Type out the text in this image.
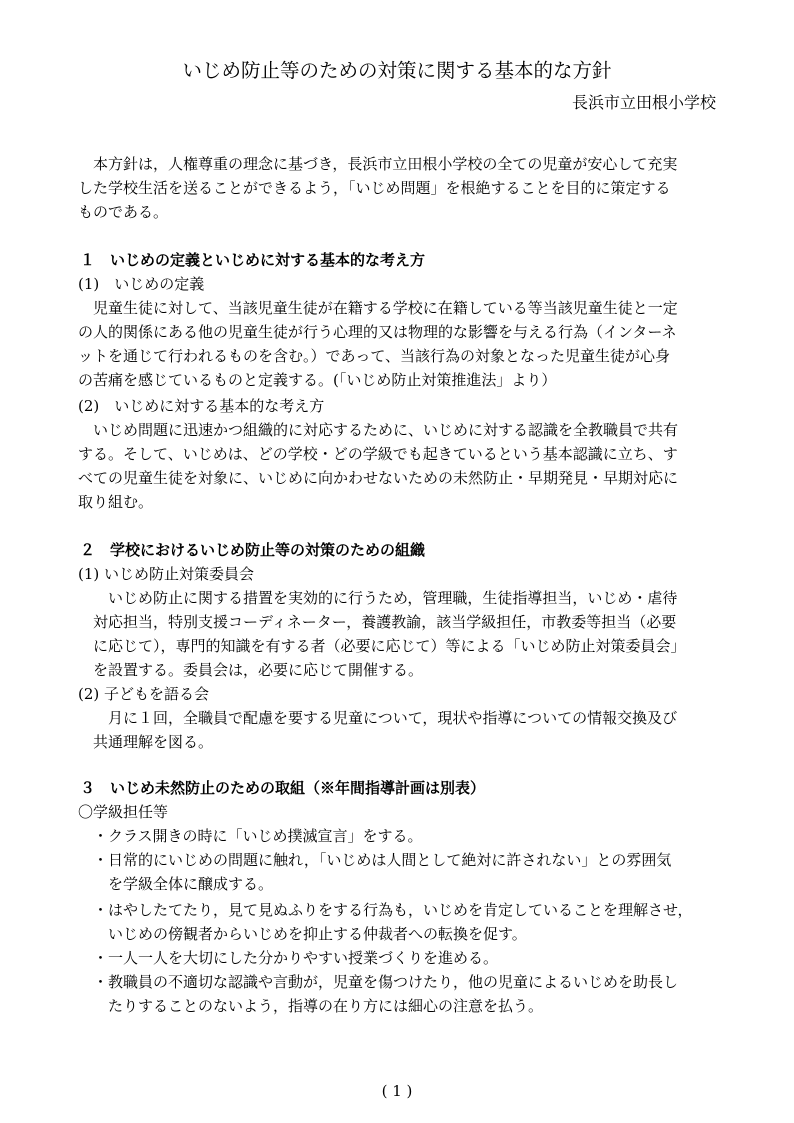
いじめ防止等のための対策に関する基本的な方針
長浜市立田根小学校
本方針は，人権尊重の理念に基づき，長浜市立田根小学校の全ての児童が安心して充実
した学校生活を送ることができるよう，「いじめ問題」を根絶することを目的に策定する
ものである。
１　いじめの定義といじめに対する基本的な考え方
(1)　いじめの定義
児童生徒に対して、当該児童生徒が在籍する学校に在籍している等当該児童生徒と一定
の人的関係にある他の児童生徒が行う心理的又は物理的な影響を与える行為（インターネ
ットを通じて行われるものを含む。）であって、当該行為の対象となった児童生徒が心身
の苦痛を感じているものと定義する。(「いじめ防止対策推進法」より）
(2)　いじめに対する基本的な考え方
いじめ問題に迅速かつ組織的に対応するために、いじめに対する認識を全教職員で共有
する。そして、いじめは、どの学校・どの学級でも起きているという基本認識に立ち、す
べての児童生徒を対象に、いじめに向かわせないための未然防止・早期発見・早期対応に
取り組む。
２　学校におけるいじめ防止等の対策のための組織
(1) いじめ防止対策委員会
いじめ防止に関する措置を実効的に行うため，管理職，生徒指導担当，いじめ・虐待
対応担当，特別支援コーディネーター，養護教諭，該当学級担任，市教委等担当（必要
に応じて），専門的知識を有する者（必要に応じて）等による「いじめ防止対策委員会」
を設置する。委員会は，必要に応じて開催する。
(2) 子どもを語る会
月に１回，全職員で配慮を要する児童について，現状や指導についての情報交換及び
共通理解を図る。
３　いじめ未然防止のための取組（※年間指導計画は別表）
〇学級担任等
・クラス開きの時に「いじめ撲滅宣言」をする。
・日常的にいじめの問題に触れ，「いじめは人間として絶対に許されない」との雰囲気
を学級全体に醸成する。
・はやしたてたり，見て見ぬふりをする行為も，いじめを肯定していることを理解させ，
いじめの傍観者からいじめを抑止する仲裁者への転換を促す。
・一人一人を大切にした分かりやすい授業づくりを進める。
・教職員の不適切な認識や言動が，児童を傷つけたり，他の児童によるいじめを助長し
たりすることのないよう，指導の在り方には細心の注意を払う。
( 1 )
